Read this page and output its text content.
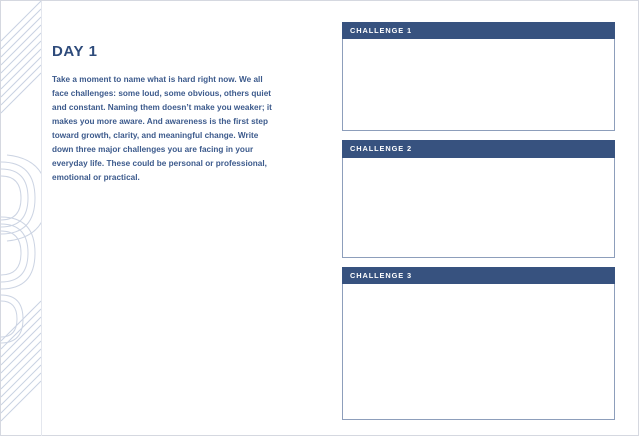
DAY 1

Take a moment to name what is hard right now. We all face challenges: some loud, some obvious, others quiet and constant. Naming them doesn’t make you weaker; it makes you more aware. And awareness is the first step toward growth, clarity, and meaningful change. Write down three major challenges you are facing in your everyday life. These could be personal or professional, emotional or practical.

CHALLENGE 1
CHALLENGE 2
CHALLENGE 3
